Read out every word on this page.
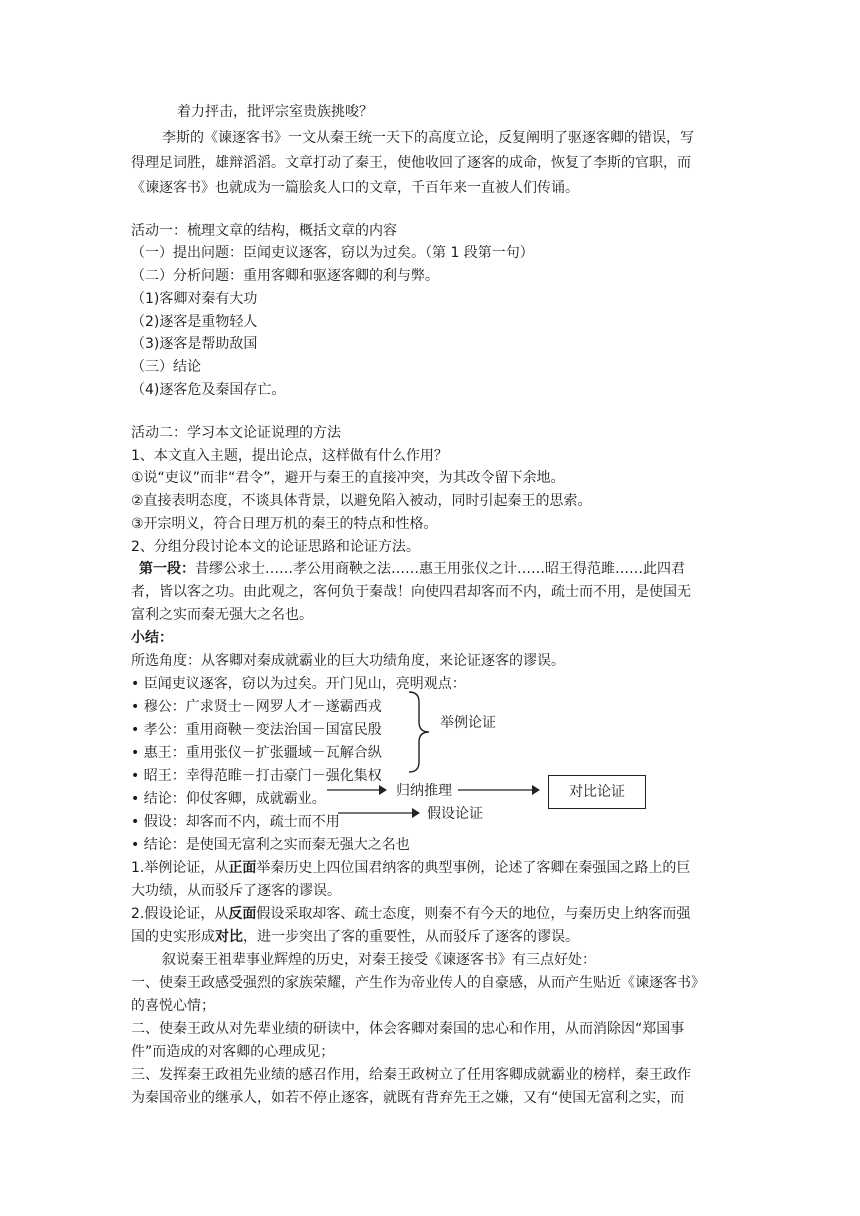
着力抨击，批评宗室贵族挑唆？
李斯的《谏逐客书》一文从秦王统一天下的高度立论，反复阐明了驱逐客卿的错误，写
得理足词胜，雄辩滔滔。文章打动了秦王，使他收回了逐客的成命，恢复了李斯的官职，而
《谏逐客书》也就成为一篇脍炙人口的文章，千百年来一直被人们传诵。
活动一：梳理文章的结构，概括文章的内容
（一）提出问题：臣闻吏议逐客，窃以为过矣。（第 1 段第一句）
（二）分析问题：重用客卿和驱逐客卿的利与弊。
（1)客卿对秦有大功
（2)逐客是重物轻人
（3)逐客是帮助敌国
（三）结论
（4)逐客危及秦国存亡。
活动二：学习本文论证说理的方法
1、本文直入主题，提出论点，这样做有什么作用？
①说“吏议”而非“君令”，避开与秦王的直接冲突，为其改令留下余地。
②直接表明态度，不谈具体背景，以避免陷入被动，同时引起秦王的思索。
③开宗明义，符合日理万机的秦王的特点和性格。
2、分组分段讨论本文的论证思路和论证方法。
第一段：昔缪公求士……孝公用商鞅之法……惠王用张仪之计……昭王得范雎……此四君
者，皆以客之功。由此观之，客何负于秦哉！向使四君却客而不内，疏士而不用，是使国无
富利之实而秦无强大之名也。
小结：
所选角度：从客卿对秦成就霸业的巨大功绩角度，来论证逐客的谬误。
• 臣闻吏议逐客，窃以为过矣。开门见山，亮明观点：
• 穆公：广求贤士－网罗人才－遂霸西戎
• 孝公：重用商鞅－变法治国－国富民殷
• 惠王：重用张仪－扩张疆域－瓦解合纵
• 昭王：幸得范睢－打击豪门－强化集权
• 结论：仰仗客卿，成就霸业。
• 假设：却客而不内，疏士而不用
• 结论：是使国无富利之实而秦无强大之名也
举例论证
归纳推理	对比论证
假设论证
1.举例论证，从正面举秦历史上四位国君纳客的典型事例，论述了客卿在秦强国之路上的巨
大功绩，从而驳斥了逐客的谬误。
2.假设论证，从反面假设采取却客、疏士态度，则秦不有今天的地位，与秦历史上纳客而强
国的史实形成对比，进一步突出了客的重要性，从而驳斥了逐客的谬误。
叙说秦王祖辈事业辉煌的历史，对秦王接受《谏逐客书》有三点好处：
一、使秦王政感受强烈的家族荣耀，产生作为帝业传人的自豪感，从而产生贴近《谏逐客书》
的喜悦心情；
二、使秦王政从对先辈业绩的研读中，体会客卿对秦国的忠心和作用，从而消除因“郑国事
件”而造成的对客卿的心理成见；
三、发挥秦王政祖先业绩的感召作用，给秦王政树立了任用客卿成就霸业的榜样，秦王政作
为秦国帝业的继承人，如若不停止逐客，就既有背弃先王之嫌，又有“使国无富利之实，而
